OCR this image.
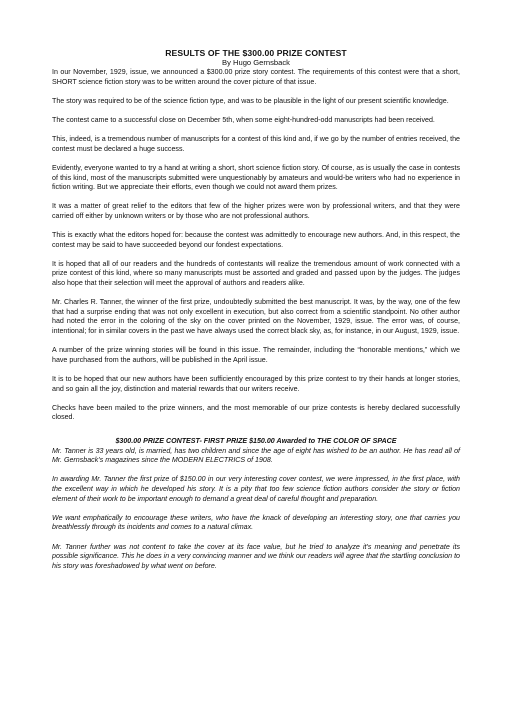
RESULTS OF THE $300.00 PRIZE CONTEST
By Hugo Gernsback

In our November, 1929, issue, we announced a $300.00 prize story contest. The requirements of this contest were that a short, SHORT science fiction story was to be written around the cover picture of that issue.

The story was required to be of the science fiction type, and was to be plausible in the light of our present scientific knowledge.

The contest came to a successful close on December 5th, when some eight-hundred-odd manuscripts had been received.

This, indeed, is a tremendous number of manuscripts for a contest of this kind and, if we go by the number of entries received, the contest must be declared a huge success.

Evidently, everyone wanted to try a hand at writing a short, short science fiction story. Of course, as is usually the case in contests of this kind, most of the manuscripts submitted were unquestionably by amateurs and would-be writers who had no experience in fiction writing. But we appreciate their efforts, even though we could not award them prizes.

It was a matter of great relief to the editors that few of the higher prizes were won by professional writers, and that they were carried off either by unknown writers or by those who are not professional authors.

This is exactly what the editors hoped for: because the contest was admittedly to encourage new authors. And, in this respect, the contest may be said to have succeeded beyond our fondest expectations.

It is hoped that all of our readers and the hundreds of contestants will realize the tremendous amount of work connected with a prize contest of this kind, where so many manuscripts must be assorted and graded and passed upon by the judges. The judges also hope that their selection will meet the approval of authors and readers alike.

Mr. Charles R. Tanner, the winner of the first prize, undoubtedly submitted the best manuscript. It was, by the way, one of the few that had a surprise ending that was not only excellent in execution, but also correct from a scientific standpoint. No other author had noted the error in the coloring of the sky on the cover printed on the November, 1929, issue. The error was, of course, intentional; for in similar covers in the past we have always used the correct black sky, as, for instance, in our August, 1929, issue.

A number of the prize winning stories will be found in this issue. The remainder, including the “honorable mentions,” which we have purchased from the authors, will be published in the April issue.

It is to be hoped that our new authors have been sufficiently encouraged by this prize contest to try their hands at longer stories, and so gain all the joy, distinction and material rewards that our writers receive.

Checks have been mailed to the prize winners, and the most memorable of our prize contests is hereby declared successfully closed.

$300.00 PRIZE CONTEST- FIRST PRIZE $150.00 Awarded to THE COLOR OF SPACE

Mr. Tanner is 33 years old, is married, has two children and since the age of eight has wished to be an author. He has read all of Mr. Gernsback’s magazines since the MODERN ELECTRICS of 1908.

In awarding Mr. Tanner the first prize of $150.00 in our very interesting cover contest, we were impressed, in the first place, with the excellent way in which he developed his story. It is a pity that too few science fiction authors consider the story or fiction element of their work to be important enough to demand a great deal of careful thought and preparation.

We want emphatically to encourage these writers, who have the knack of developing an interesting story, one that carries you breathlessly through its incidents and comes to a natural climax.

Mr. Tanner further was not content to take the cover at its face value, but he tried to analyze it's meaning and penetrate its possible significance. This he does in a very convincing manner and we think our readers will agree that the startling conclusion to his story was foreshadowed by what went on before.
